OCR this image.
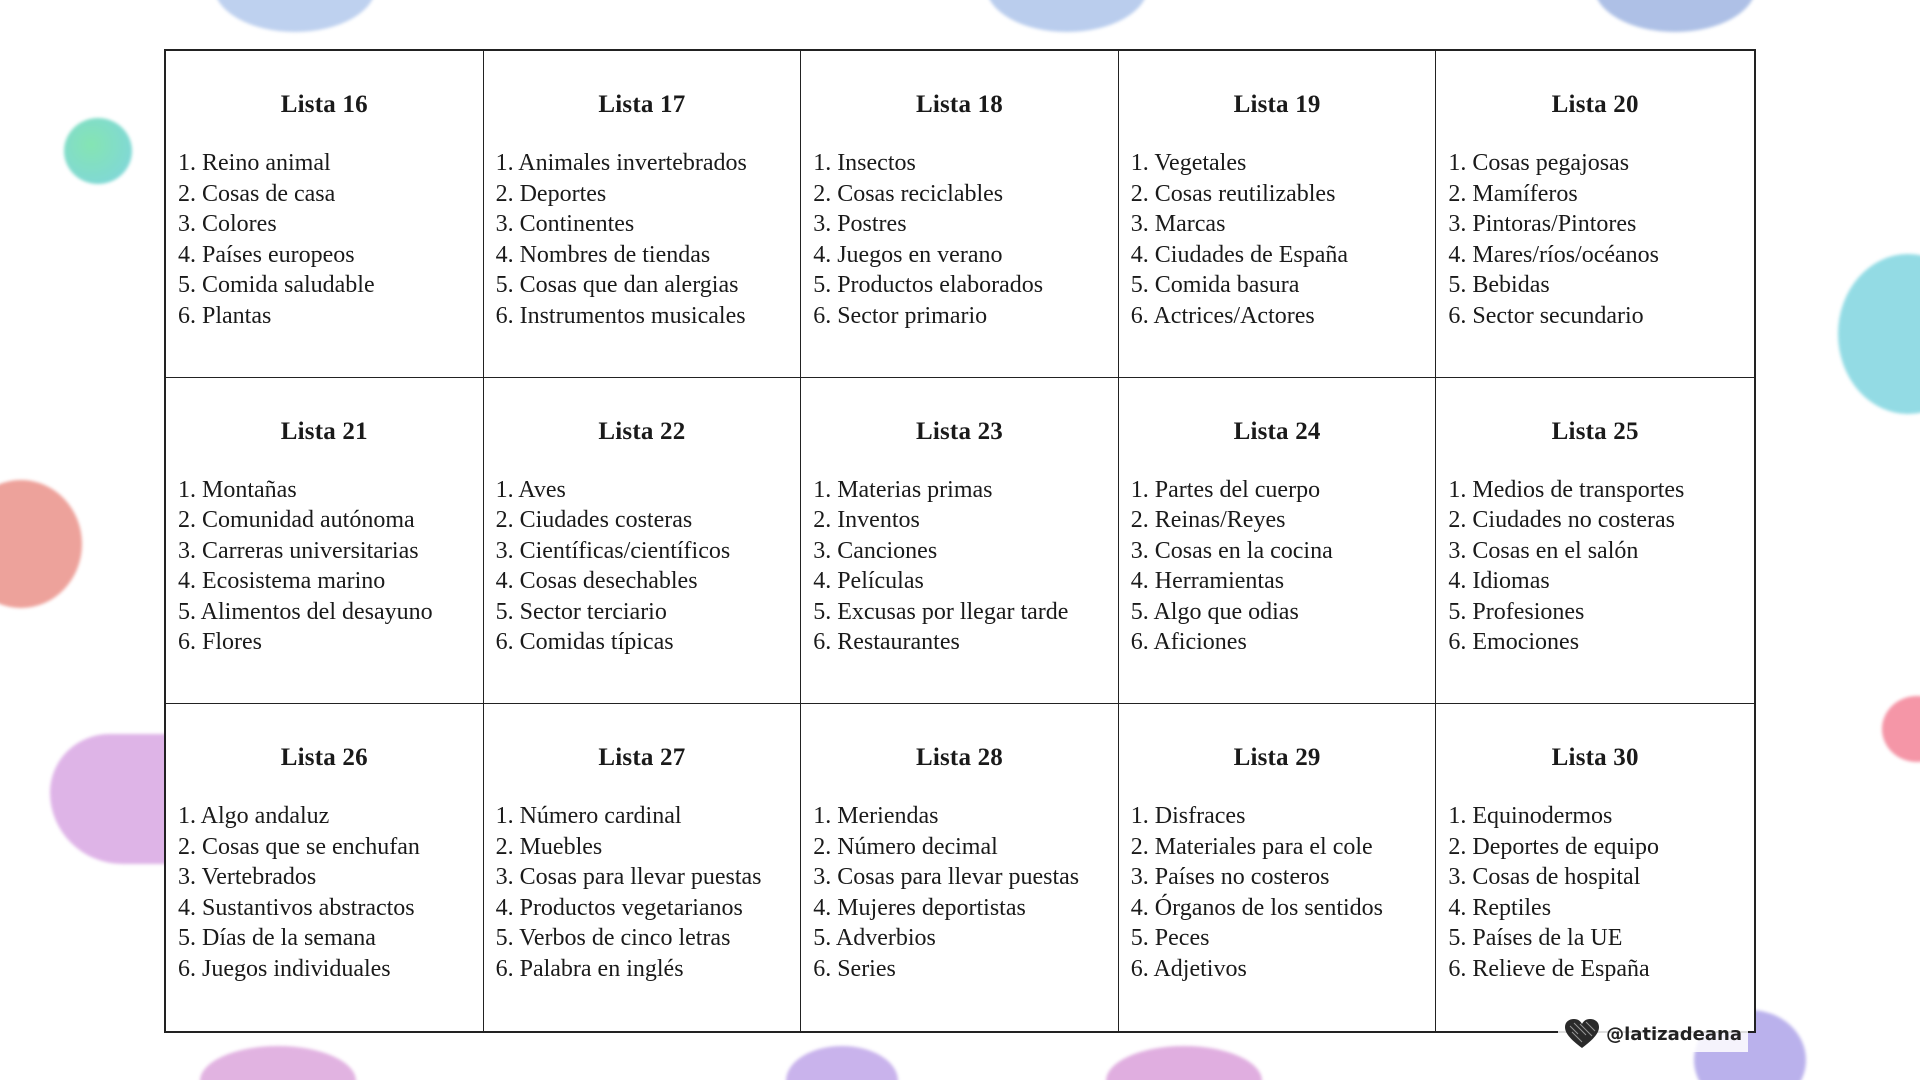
Lista 16
1. Reino animal
2. Cosas de casa
3. Colores
4. Países europeos
5. Comida saludable
6. Plantas
Lista 17
1. Animales invertebrados
2. Deportes
3. Continentes
4. Nombres de tiendas
5. Cosas que dan alergias
6. Instrumentos musicales
Lista 18
1. Insectos
2. Cosas reciclables
3. Postres
4. Juegos en verano
5. Productos elaborados
6. Sector primario
Lista 19
1. Vegetales
2. Cosas reutilizables
3. Marcas
4. Ciudades de España
5. Comida basura
6. Actrices/Actores
Lista 20
1. Cosas pegajosas
2. Mamíferos
3. Pintoras/Pintores
4. Mares/ríos/océanos
5. Bebidas
6. Sector secundario
Lista 21
1. Montañas
2. Comunidad autónoma
3. Carreras universitarias
4. Ecosistema marino
5. Alimentos del desayuno
6. Flores
Lista 22
1. Aves
2. Ciudades costeras
3. Científicas/científicos
4. Cosas desechables
5. Sector terciario
6. Comidas típicas
Lista 23
1. Materias primas
2. Inventos
3. Canciones
4. Películas
5. Excusas por llegar tarde
6. Restaurantes
Lista 24
1. Partes del cuerpo
2. Reinas/Reyes
3. Cosas en la cocina
4. Herramientas
5. Algo que odias
6. Aficiones
Lista 25
1. Medios de transportes
2. Ciudades no costeras
3. Cosas en el salón
4. Idiomas
5. Profesiones
6. Emociones
Lista 26
1. Algo andaluz
2. Cosas que se enchufan
3. Vertebrados
4. Sustantivos abstractos
5. Días de la semana
6. Juegos individuales
Lista 27
1. Número cardinal
2. Muebles
3. Cosas para llevar puestas
4. Productos vegetarianos
5. Verbos de cinco letras
6. Palabra en inglés
Lista 28
1. Meriendas
2. Número decimal
3. Cosas para llevar puestas
4. Mujeres deportistas
5. Adverbios
6. Series
Lista 29
1. Disfraces
2. Materiales para el cole
3. Países no costeros
4. Órganos de los sentidos
5. Peces
6. Adjetivos
Lista 30
1. Equinodermos
2. Deportes de equipo
3. Cosas de hospital
4. Reptiles
5. Países de la UE
6. Relieve de España
@latizadeana
